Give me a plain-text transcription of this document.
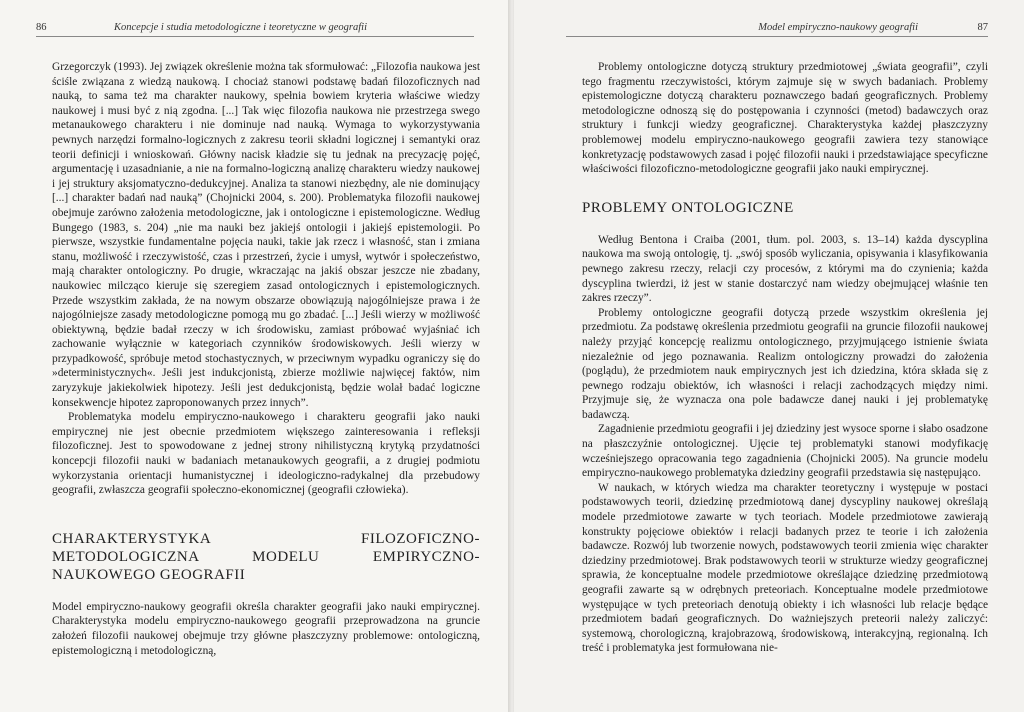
86	Koncepcje i studia metodologiczne i teoretyczne w geografii

Grzegorczyk (1993). Jej związek określenie można tak sformułować: „Filozofia naukowa jest ściśle związana z wiedzą naukową. I chociaż stanowi podstawę badań filozoficznych nad nauką, to sama też ma charakter naukowy, spełnia bowiem kryteria właściwe wiedzy naukowej i musi być z nią zgodna. [...] Tak więc filozofia naukowa nie przestrzega swego metanaukowego charakteru i nie dominuje nad nauką. Wymaga to wykorzystywania pewnych narzędzi formalno-logicznych z zakresu teorii składni logicznej i semantyki oraz teorii definicji i wnioskowań. Główny nacisk kładzie się tu jednak na precyzację pojęć, argumentację i uzasadnianie, a nie na formalno-logiczną analizę charakteru wiedzy naukowej i jej struktury aksjomatyczno-dedukcyjnej. Analiza ta stanowi niezbędny, ale nie dominujący [...] charakter badań nad nauką” (Chojnicki 2004, s. 200). Problematyka filozofii naukowej obejmuje zarówno założenia metodologiczne, jak i ontologiczne i epistemologiczne. Według Bungego (1983, s. 204) „nie ma nauki bez jakiejś ontologii i jakiejś epistemologii. Po pierwsze, wszystkie fundamentalne pojęcia nauki, takie jak rzecz i własność, stan i zmiana stanu, możliwość i rzeczywistość, czas i przestrzeń, życie i umysł, wytwór i społeczeństwo, mają charakter ontologiczny. Po drugie, wkraczając na jakiś obszar jeszcze nie zbadany, naukowiec milcząco kieruje się szeregiem zasad ontologicznych i epistemologicznych. Przede wszystkim zakłada, że na nowym obszarze obowiązują najogólniejsze prawa i że najogólniejsze zasady metodologiczne pomogą mu go zbadać. [...] Jeśli wierzy w możliwość obiektywną, będzie badał rzeczy w ich środowisku, zamiast próbować wyjaśniać ich zachowanie wyłącznie w kategoriach czynników środowiskowych. Jeśli wierzy w przypadkowość, spróbuje metod stochastycznych, w przeciwnym wypadku ograniczy się do »deterministycznych«. Jeśli jest indukcjonistą, zbierze możliwie najwięcej faktów, nim zaryzykuje jakiekolwiek hipotezy. Jeśli jest dedukcjonistą, będzie wolał badać logiczne konsekwencje hipotez zaproponowanych przez innych”.

Problematyka modelu empiryczno-naukowego i charakteru geografii jako nauki empirycznej nie jest obecnie przedmiotem większego zainteresowania i refleksji filozoficznej. Jest to spowodowane z jednej strony nihilistyczną krytyką przydatności koncepcji filozofii nauki w badaniach metanaukowych geografii, a z drugiej podmiotu wykorzystania orientacji humanistycznej i ideologiczno-radykalnej dla przebudowy geografii, zwłaszcza geografii społeczno-ekonomicznej (geografii człowieka).

CHARAKTERYSTYKA FILOZOFICZNO-METODOLOGICZNA MODELU EMPIRYCZNO-NAUKOWEGO GEOGRAFII

Model empiryczno-naukowy geografii określa charakter geografii jako nauki empirycznej. Charakterystyka modelu empiryczno-naukowego geografii przeprowadzona na gruncie założeń filozofii naukowej obejmuje trzy główne płaszczyzny problemowe: ontologiczną, epistemologiczną i metodologiczną,

Model empiryczno-naukowy geografii	87

Problemy ontologiczne dotyczą struktury przedmiotowej „świata geografii”, czyli tego fragmentu rzeczywistości, którym zajmuje się w swych badaniach. Problemy epistemologiczne dotyczą charakteru poznawczego badań geograficznych. Problemy metodologiczne odnoszą się do postępowania i czynności (metod) badawczych oraz struktury i funkcji wiedzy geograficznej. Charakterystyka każdej płaszczyzny problemowej modelu empiryczno-naukowego geografii zawiera tezy stanowiące konkretyzację podstawowych zasad i pojęć filozofii nauki i przedstawiające specyficzne właściwości filozoficzno-metodologiczne geografii jako nauki empirycznej.

PROBLEMY ONTOLOGICZNE

Według Bentona i Craiba (2001, tłum. pol. 2003, s. 13–14) każda dyscyplina naukowa ma swoją ontologię, tj. „swój sposób wyliczania, opisywania i klasyfikowania pewnego zakresu rzeczy, relacji czy procesów, z którymi ma do czynienia; każda dyscyplina twierdzi, iż jest w stanie dostarczyć nam wiedzy obejmującej właśnie ten zakres rzeczy”.

Problemy ontologiczne geografii dotyczą przede wszystkim określenia jej przedmiotu. Za podstawę określenia przedmiotu geografii na gruncie filozofii naukowej należy przyjąć koncepcję realizmu ontologicznego, przyjmującego istnienie świata niezależnie od jego poznawania. Realizm ontologiczny prowadzi do założenia (poglądu), że przedmiotem nauk empirycznych jest ich dziedzina, która składa się z pewnego rodzaju obiektów, ich własności i relacji zachodzących między nimi. Przyjmuje się, że wyznacza ona pole badawcze danej nauki i jej problematykę badawczą.

Zagadnienie przedmiotu geografii i jej dziedziny jest wysoce sporne i słabo osadzone na płaszczyźnie ontologicznej. Ujęcie tej problematyki stanowi modyfikację wcześniejszego opracowania tego zagadnienia (Chojnicki 2005). Na gruncie modelu empiryczno-naukowego problematyka dziedziny geografii przedstawia się następująco.

W naukach, w których wiedza ma charakter teoretyczny i występuje w postaci podstawowych teorii, dziedzinę przedmiotową danej dyscypliny naukowej określają modele przedmiotowe zawarte w tych teoriach. Modele przedmiotowe zawierają konstrukty pojęciowe obiektów i relacji badanych przez te teorie i ich założenia badawcze. Rozwój lub tworzenie nowych, podstawowych teorii zmienia więc charakter dziedziny przedmiotowej. Brak podstawowych teorii w strukturze wiedzy geograficznej sprawia, że konceptualne modele przedmiotowe określające dziedzinę przedmiotową geografii zawarte są w odrębnych preteoriach. Konceptualne modele przedmiotowe występujące w tych preteoriach denotują obiekty i ich własności lub relacje będące przedmiotem badań geograficznych. Do ważniejszych preteorii należy zaliczyć: systemową, chorologiczną, krajobrazową, środowiskową, interakcyjną, regionalną. Ich treść i problematyka jest formułowana nie-
